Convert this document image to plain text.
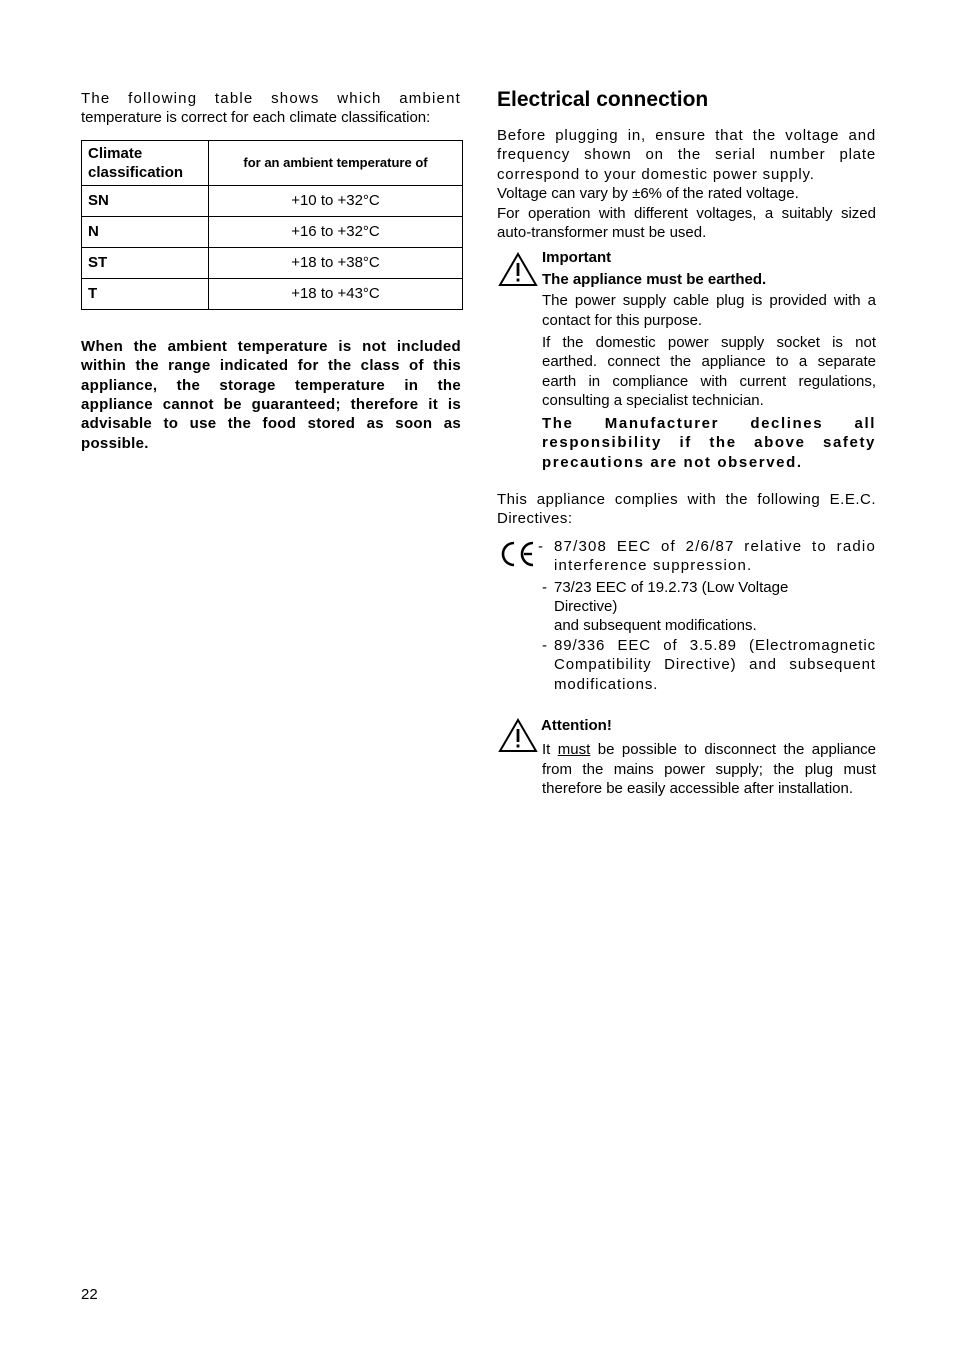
The following table shows which ambient

temperature is correct for each climate classification:

Climate
classification	for an ambient temperature of
SN	+10 to +32°C
N	+16 to +32°C
ST	+18 to +38°C
T	+18 to +43°C

When the ambient temperature is not included within the range indicated for the class of this appliance, the storage temperature in the appliance cannot be guaranteed; therefore it is advisable to use the food stored as soon as possible.

Electrical connection

Before plugging in, ensure that the voltage and frequency shown on the serial number plate correspond to your domestic power supply.

Voltage can vary by ±6% of the rated voltage.

For operation with different voltages, a suitably sized auto-transformer must be used.

Important

The appliance must be earthed.

The power supply cable plug is provided with a contact for this purpose.

If the domestic power supply socket is not earthed. connect the appliance to a separate earth in compliance with current regulations, consulting a specialist technician.

The Manufacturer declines all responsibility if the above safety precautions are not observed.

This appliance complies with the following E.E.C. Directives:

- 87/308 EEC of 2/6/87 relative to radio interference suppression.
- 73/23 EEC of 19.2.73 (Low Voltage Directive)
and subsequent modifications.
- 89/336 EEC of 3.5.89 (Electromagnetic Compatibility Directive) and subsequent modifications.

Attention!

It must be possible to disconnect the appliance from the mains power supply; the plug must therefore be easily accessible after installation.

22
